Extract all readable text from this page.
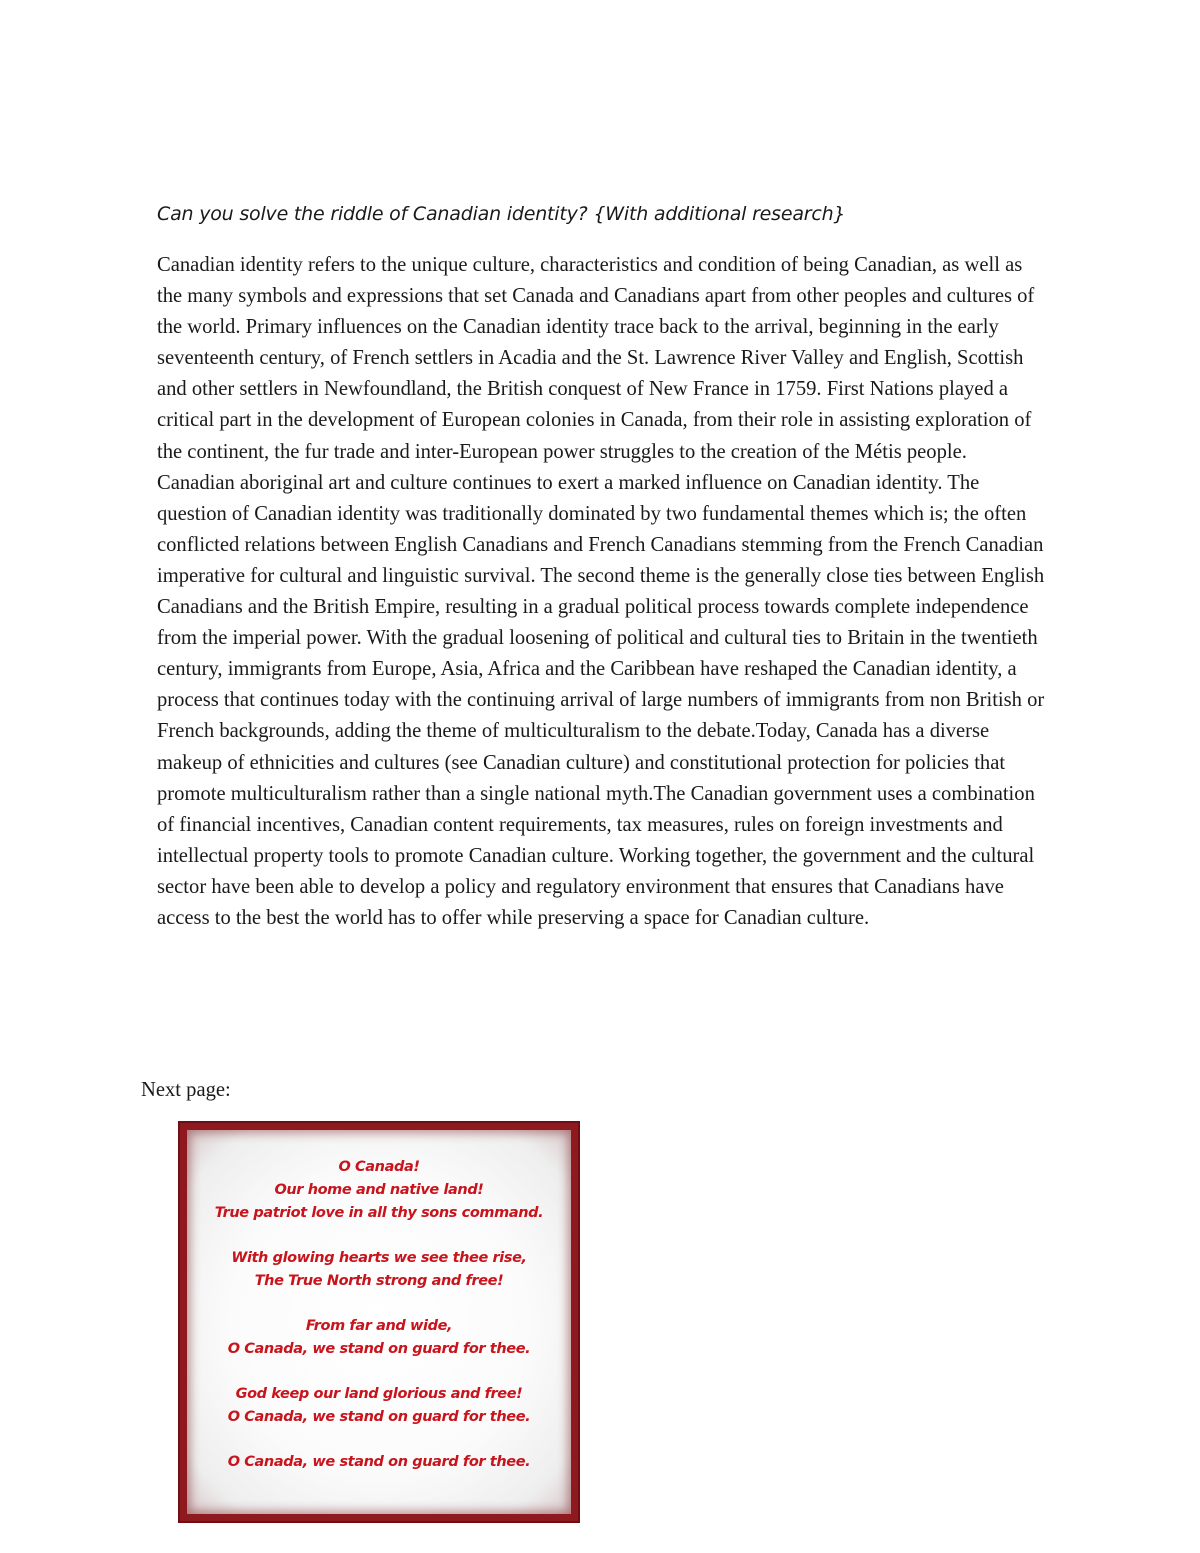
Can you solve the riddle of Canadian identity? {With additional research}

Canadian identity refers to the unique culture, characteristics and condition of being Canadian, as well as the many symbols and expressions that set Canada and Canadians apart from other peoples and cultures of the world. Primary influences on the Canadian identity trace back to the arrival, beginning in the early seventeenth century, of French settlers in Acadia and the St. Lawrence River Valley and English, Scottish and other settlers in Newfoundland, the British conquest of New France in 1759. First Nations played a critical part in the development of European colonies in Canada, from their role in assisting exploration of the continent, the fur trade and inter-European power struggles to the creation of the Métis people. Canadian aboriginal art and culture continues to exert a marked influence on Canadian identity. The question of Canadian identity was traditionally dominated by two fundamental themes which is; the often conflicted relations between English Canadians and French Canadians stemming from the French Canadian imperative for cultural and linguistic survival. The second theme is the generally close ties between English Canadians and the British Empire, resulting in a gradual political process towards complete independence from the imperial power. With the gradual loosening of political and cultural ties to Britain in the twentieth century, immigrants from Europe, Asia, Africa and the Caribbean have reshaped the Canadian identity, a process that continues today with the continuing arrival of large numbers of immigrants from non British or French backgrounds, adding the theme of multiculturalism to the debate.Today, Canada has a diverse makeup of ethnicities and cultures (see Canadian culture) and constitutional protection for policies that promote multiculturalism rather than a single national myth.The Canadian government uses a combination of financial incentives, Canadian content requirements, tax measures, rules on foreign investments and intellectual property tools to promote Canadian culture. Working together, the government and the cultural sector have been able to develop a policy and regulatory environment that ensures that Canadians have access to the best the world has to offer while preserving a space for Canadian culture.

Next page:
O Canada!
Our home and native land!
True patriot love in all thy sons command.
With glowing hearts we see thee rise,
The True North strong and free!
From far and wide,
O Canada, we stand on guard for thee.
God keep our land glorious and free!
O Canada, we stand on guard for thee.
O Canada, we stand on guard for thee.
